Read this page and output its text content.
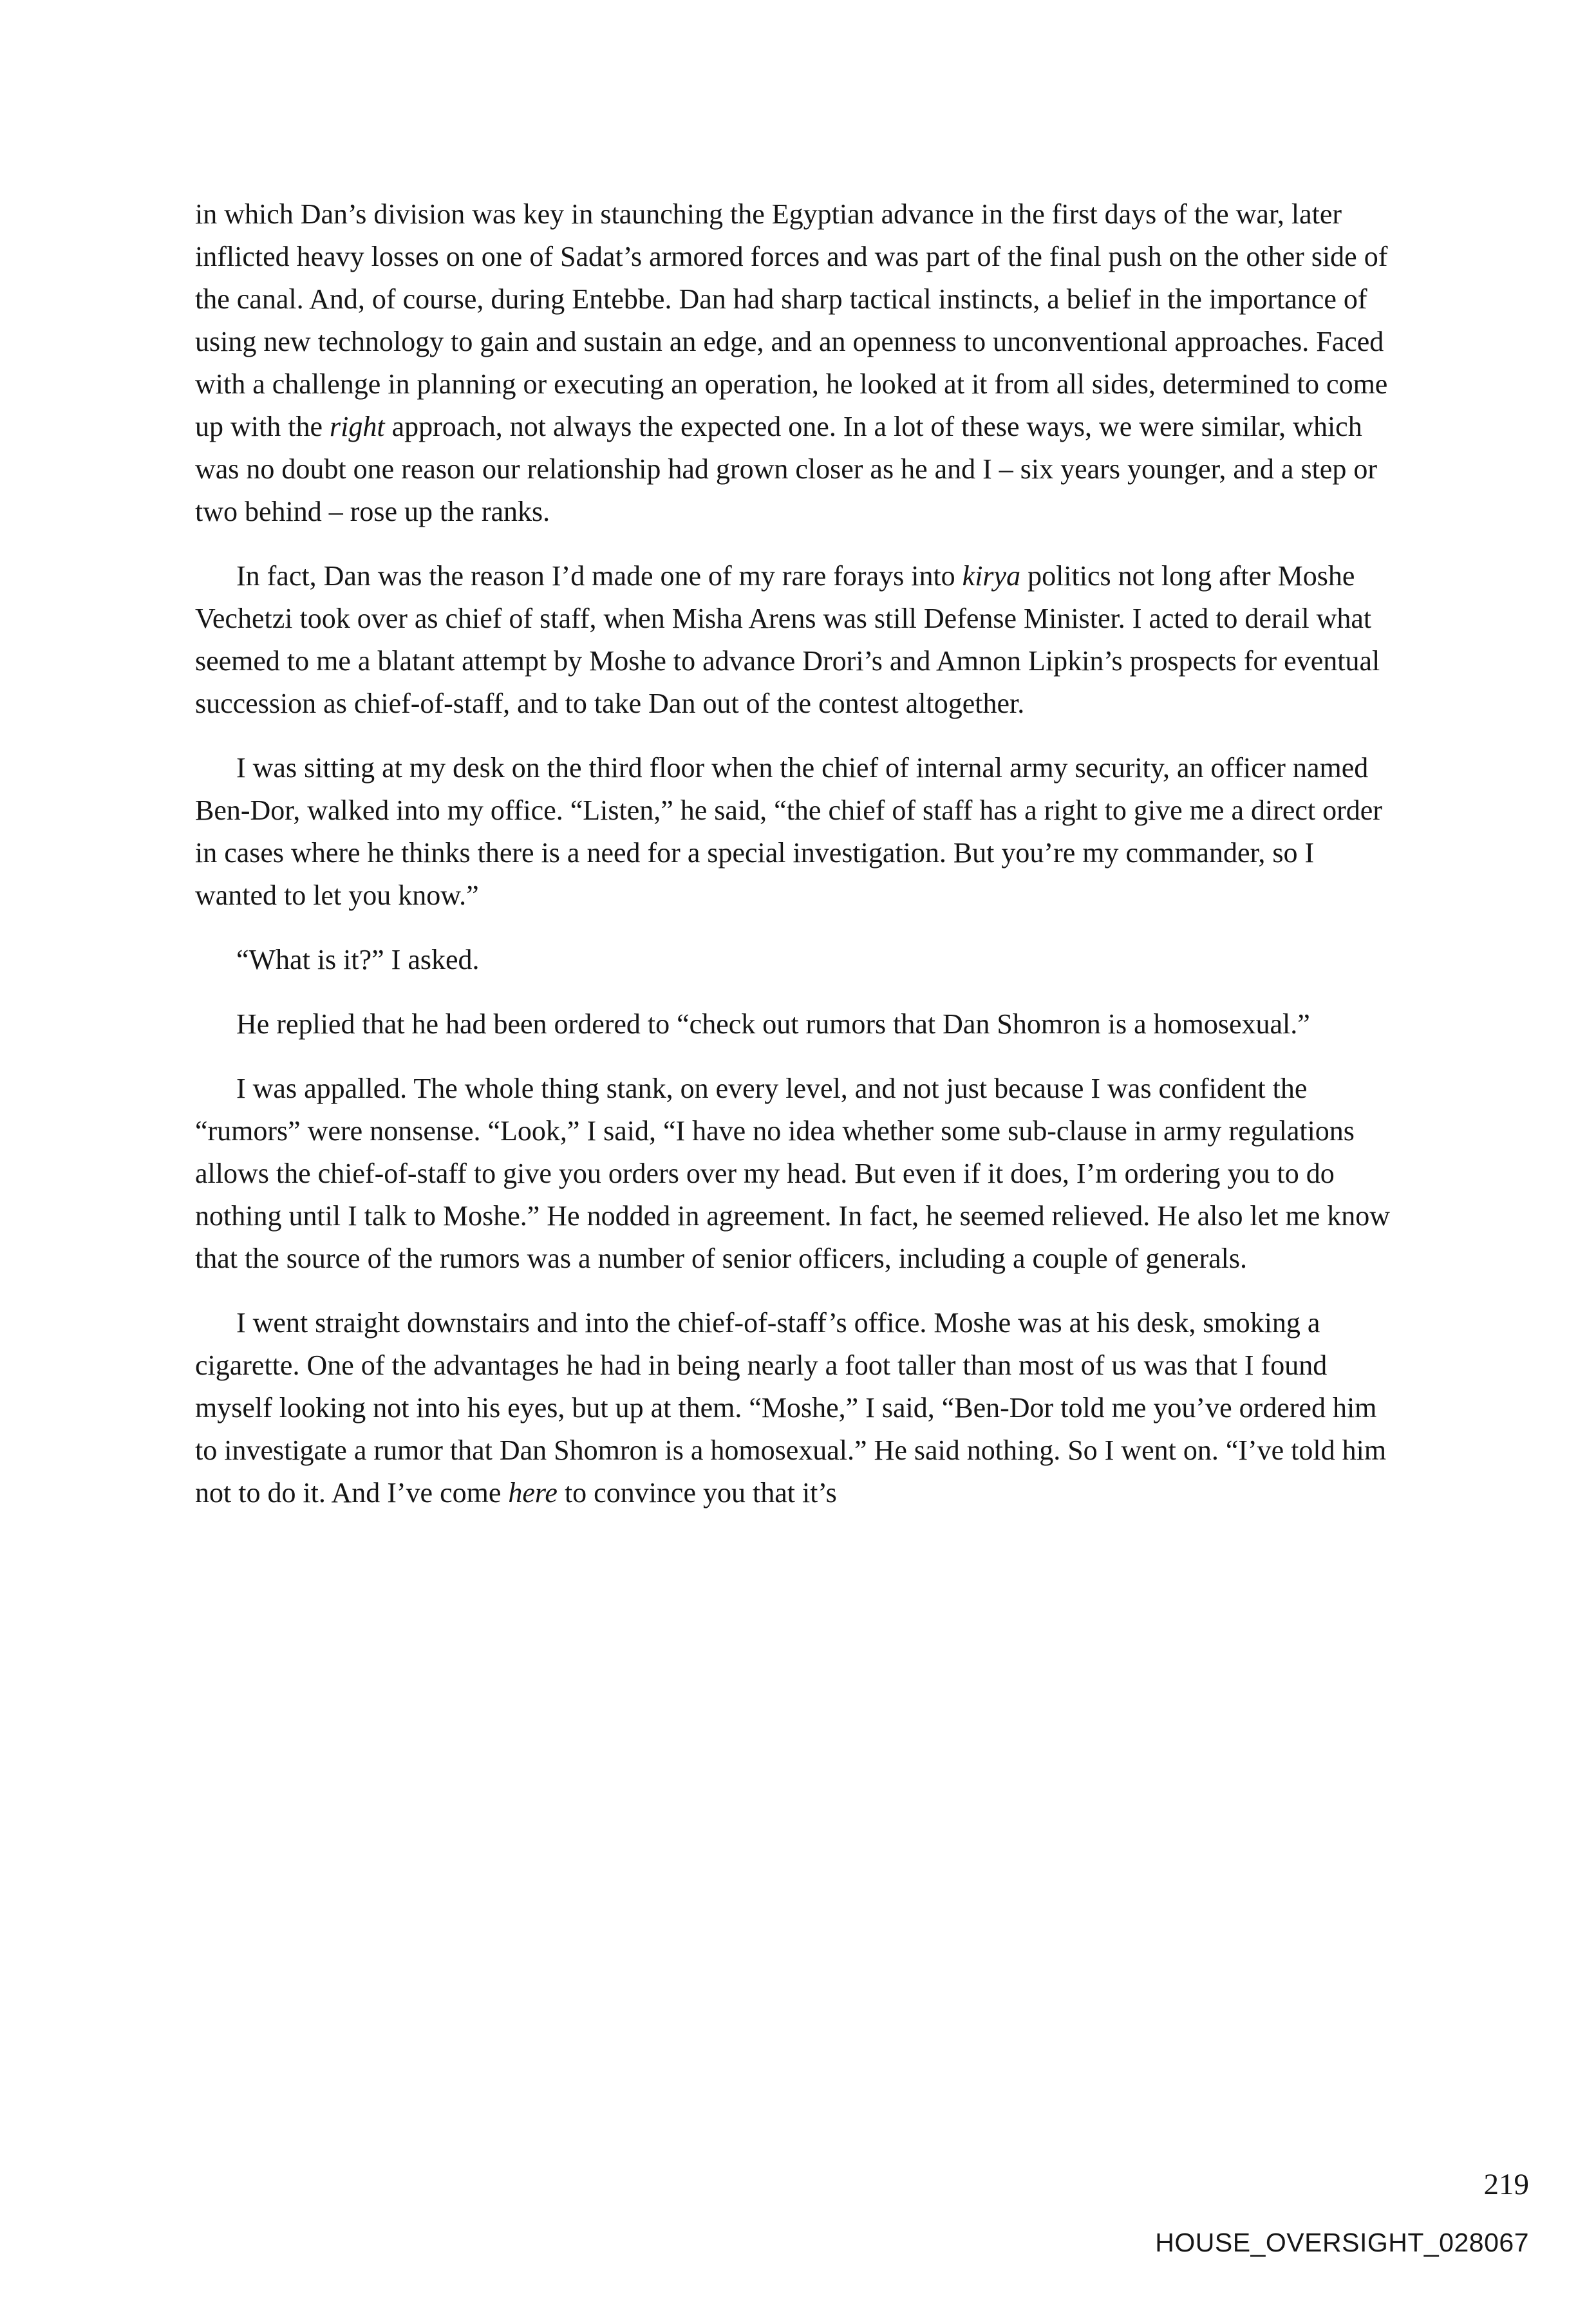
in which Dan’s division was key in staunching the Egyptian advance in the first days of the war, later inflicted heavy losses on one of Sadat’s armored forces and was part of the final push on the other side of the canal. And, of course, during Entebbe. Dan had sharp tactical instincts, a belief in the importance of using new technology to gain and sustain an edge, and an openness to unconventional approaches. Faced with a challenge in planning or executing an operation, he looked at it from all sides, determined to come up with the right approach, not always the expected one. In a lot of these ways, we were similar, which was no doubt one reason our relationship had grown closer as he and I – six years younger, and a step or two behind – rose up the ranks.

In fact, Dan was the reason I’d made one of my rare forays into kirya politics not long after Moshe Vechetzi took over as chief of staff, when Misha Arens was still Defense Minister. I acted to derail what seemed to me a blatant attempt by Moshe to advance Drori’s and Amnon Lipkin’s prospects for eventual succession as chief-of-staff, and to take Dan out of the contest altogether.

I was sitting at my desk on the third floor when the chief of internal army security, an officer named Ben-Dor, walked into my office. “Listen,” he said, “the chief of staff has a right to give me a direct order in cases where he thinks there is a need for a special investigation. But you’re my commander, so I wanted to let you know.”

“What is it?” I asked.

He replied that he had been ordered to “check out rumors that Dan Shomron is a homosexual.”

I was appalled. The whole thing stank, on every level, and not just because I was confident the “rumors” were nonsense. “Look,” I said, “I have no idea whether some sub-clause in army regulations allows the chief-of-staff to give you orders over my head. But even if it does, I’m ordering you to do nothing until I talk to Moshe.” He nodded in agreement. In fact, he seemed relieved. He also let me know that the source of the rumors was a number of senior officers, including a couple of generals.

I went straight downstairs and into the chief-of-staff’s office. Moshe was at his desk, smoking a cigarette. One of the advantages he had in being nearly a foot taller than most of us was that I found myself looking not into his eyes, but up at them. “Moshe,” I said, “Ben-Dor told me you’ve ordered him to investigate a rumor that Dan Shomron is a homosexual.” He said nothing. So I went on. “I’ve told him not to do it. And I’ve come here to convince you that it’s

219
HOUSE_OVERSIGHT_028067
